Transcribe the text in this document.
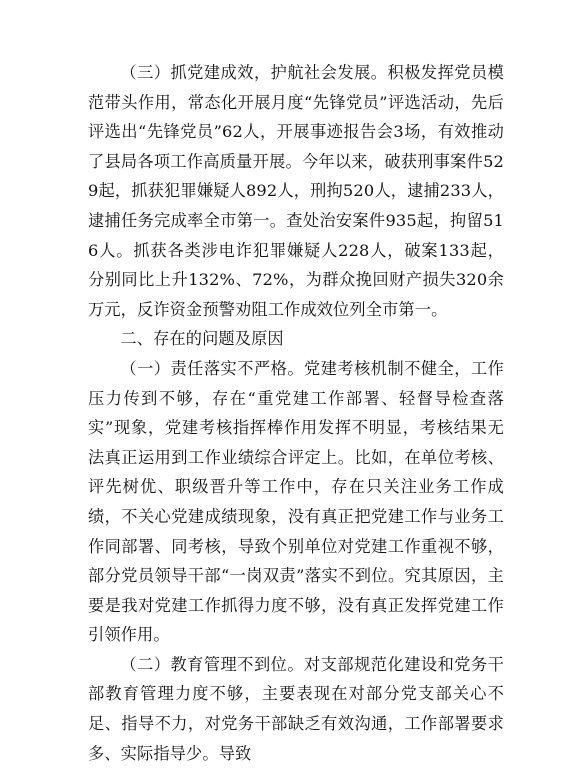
（三）抓党建成效，护航社会发展。积极发挥党员模范带头作用，常态化开展月度“先锋党员”评选活动，先后评选出“先锋党员”62人，开展事迹报告会3场，有效推动了县局各项工作高质量开展。今年以来，破获刑事案件529起，抓获犯罪嫌疑人892人，刑拘520人，逮捕233人，逮捕任务完成率全市第一。查处治安案件935起，拘留516人。抓获各类涉电诈犯罪嫌疑人228人，破案133起，分别同比上升132%、72%，为群众挽回财产损失320余万元，反诈资金预警劝阻工作成效位列全市第一。

二、存在的问题及原因

（一）责任落实不严格。党建考核机制不健全，工作压力传到不够，存在“重党建工作部署、轻督导检查落实”现象，党建考核指挥棒作用发挥不明显，考核结果无法真正运用到工作业绩综合评定上。比如，在单位考核、评先树优、职级晋升等工作中，存在只关注业务工作成绩，不关心党建成绩现象，没有真正把党建工作与业务工作同部署、同考核，导致个别单位对党建工作重视不够，部分党员领导干部“一岗双责”落实不到位。究其原因，主要是我对党建工作抓得力度不够，没有真正发挥党建工作引领作用。

（二）教育管理不到位。对支部规范化建设和党务干部教育管理力度不够，主要表现在对部分党支部关心不足、指导不力，对党务干部缺乏有效沟通，工作部署要求多、实际指导少。导致
